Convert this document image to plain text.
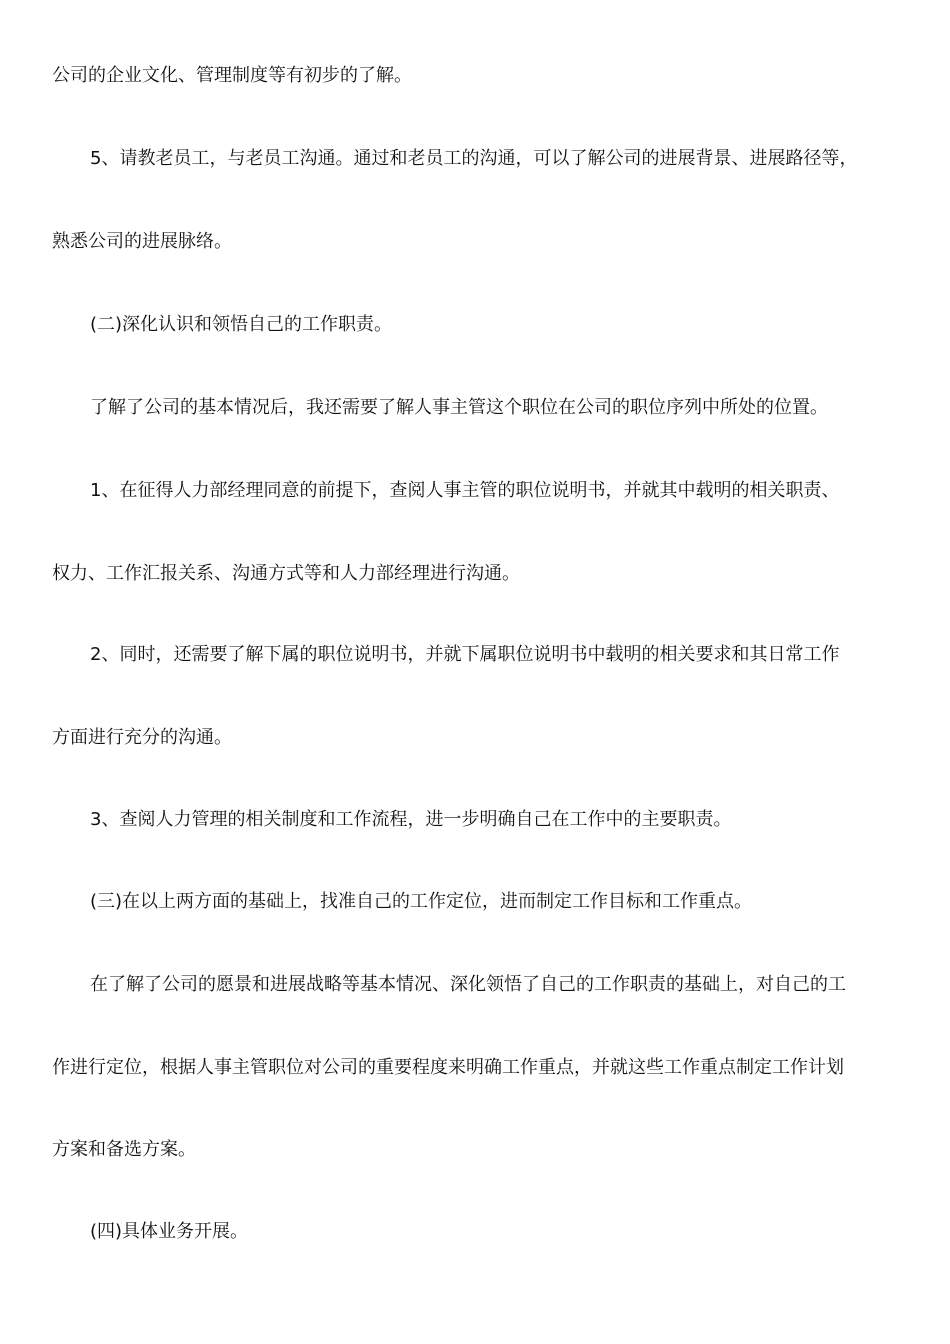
公司的企业文化、管理制度等有初步的了解。
5、请教老员工，与老员工沟通。通过和老员工的沟通，可以了解公司的进展背景、进展路径等，
熟悉公司的进展脉络。
(二)深化认识和领悟自己的工作职责。
了解了公司的基本情况后，我还需要了解人事主管这个职位在公司的职位序列中所处的位置。
1、在征得人力部经理同意的前提下，查阅人事主管的职位说明书，并就其中载明的相关职责、
权力、工作汇报关系、沟通方式等和人力部经理进行沟通。
2、同时，还需要了解下属的职位说明书，并就下属职位说明书中载明的相关要求和其日常工作
方面进行充分的沟通。
3、查阅人力管理的相关制度和工作流程，进一步明确自己在工作中的主要职责。
(三)在以上两方面的基础上，找准自己的工作定位，进而制定工作目标和工作重点。
在了解了公司的愿景和进展战略等基本情况、深化领悟了自己的工作职责的基础上，对自己的工
作进行定位，根据人事主管职位对公司的重要程度来明确工作重点，并就这些工作重点制定工作计划
方案和备选方案。
(四)具体业务开展。
